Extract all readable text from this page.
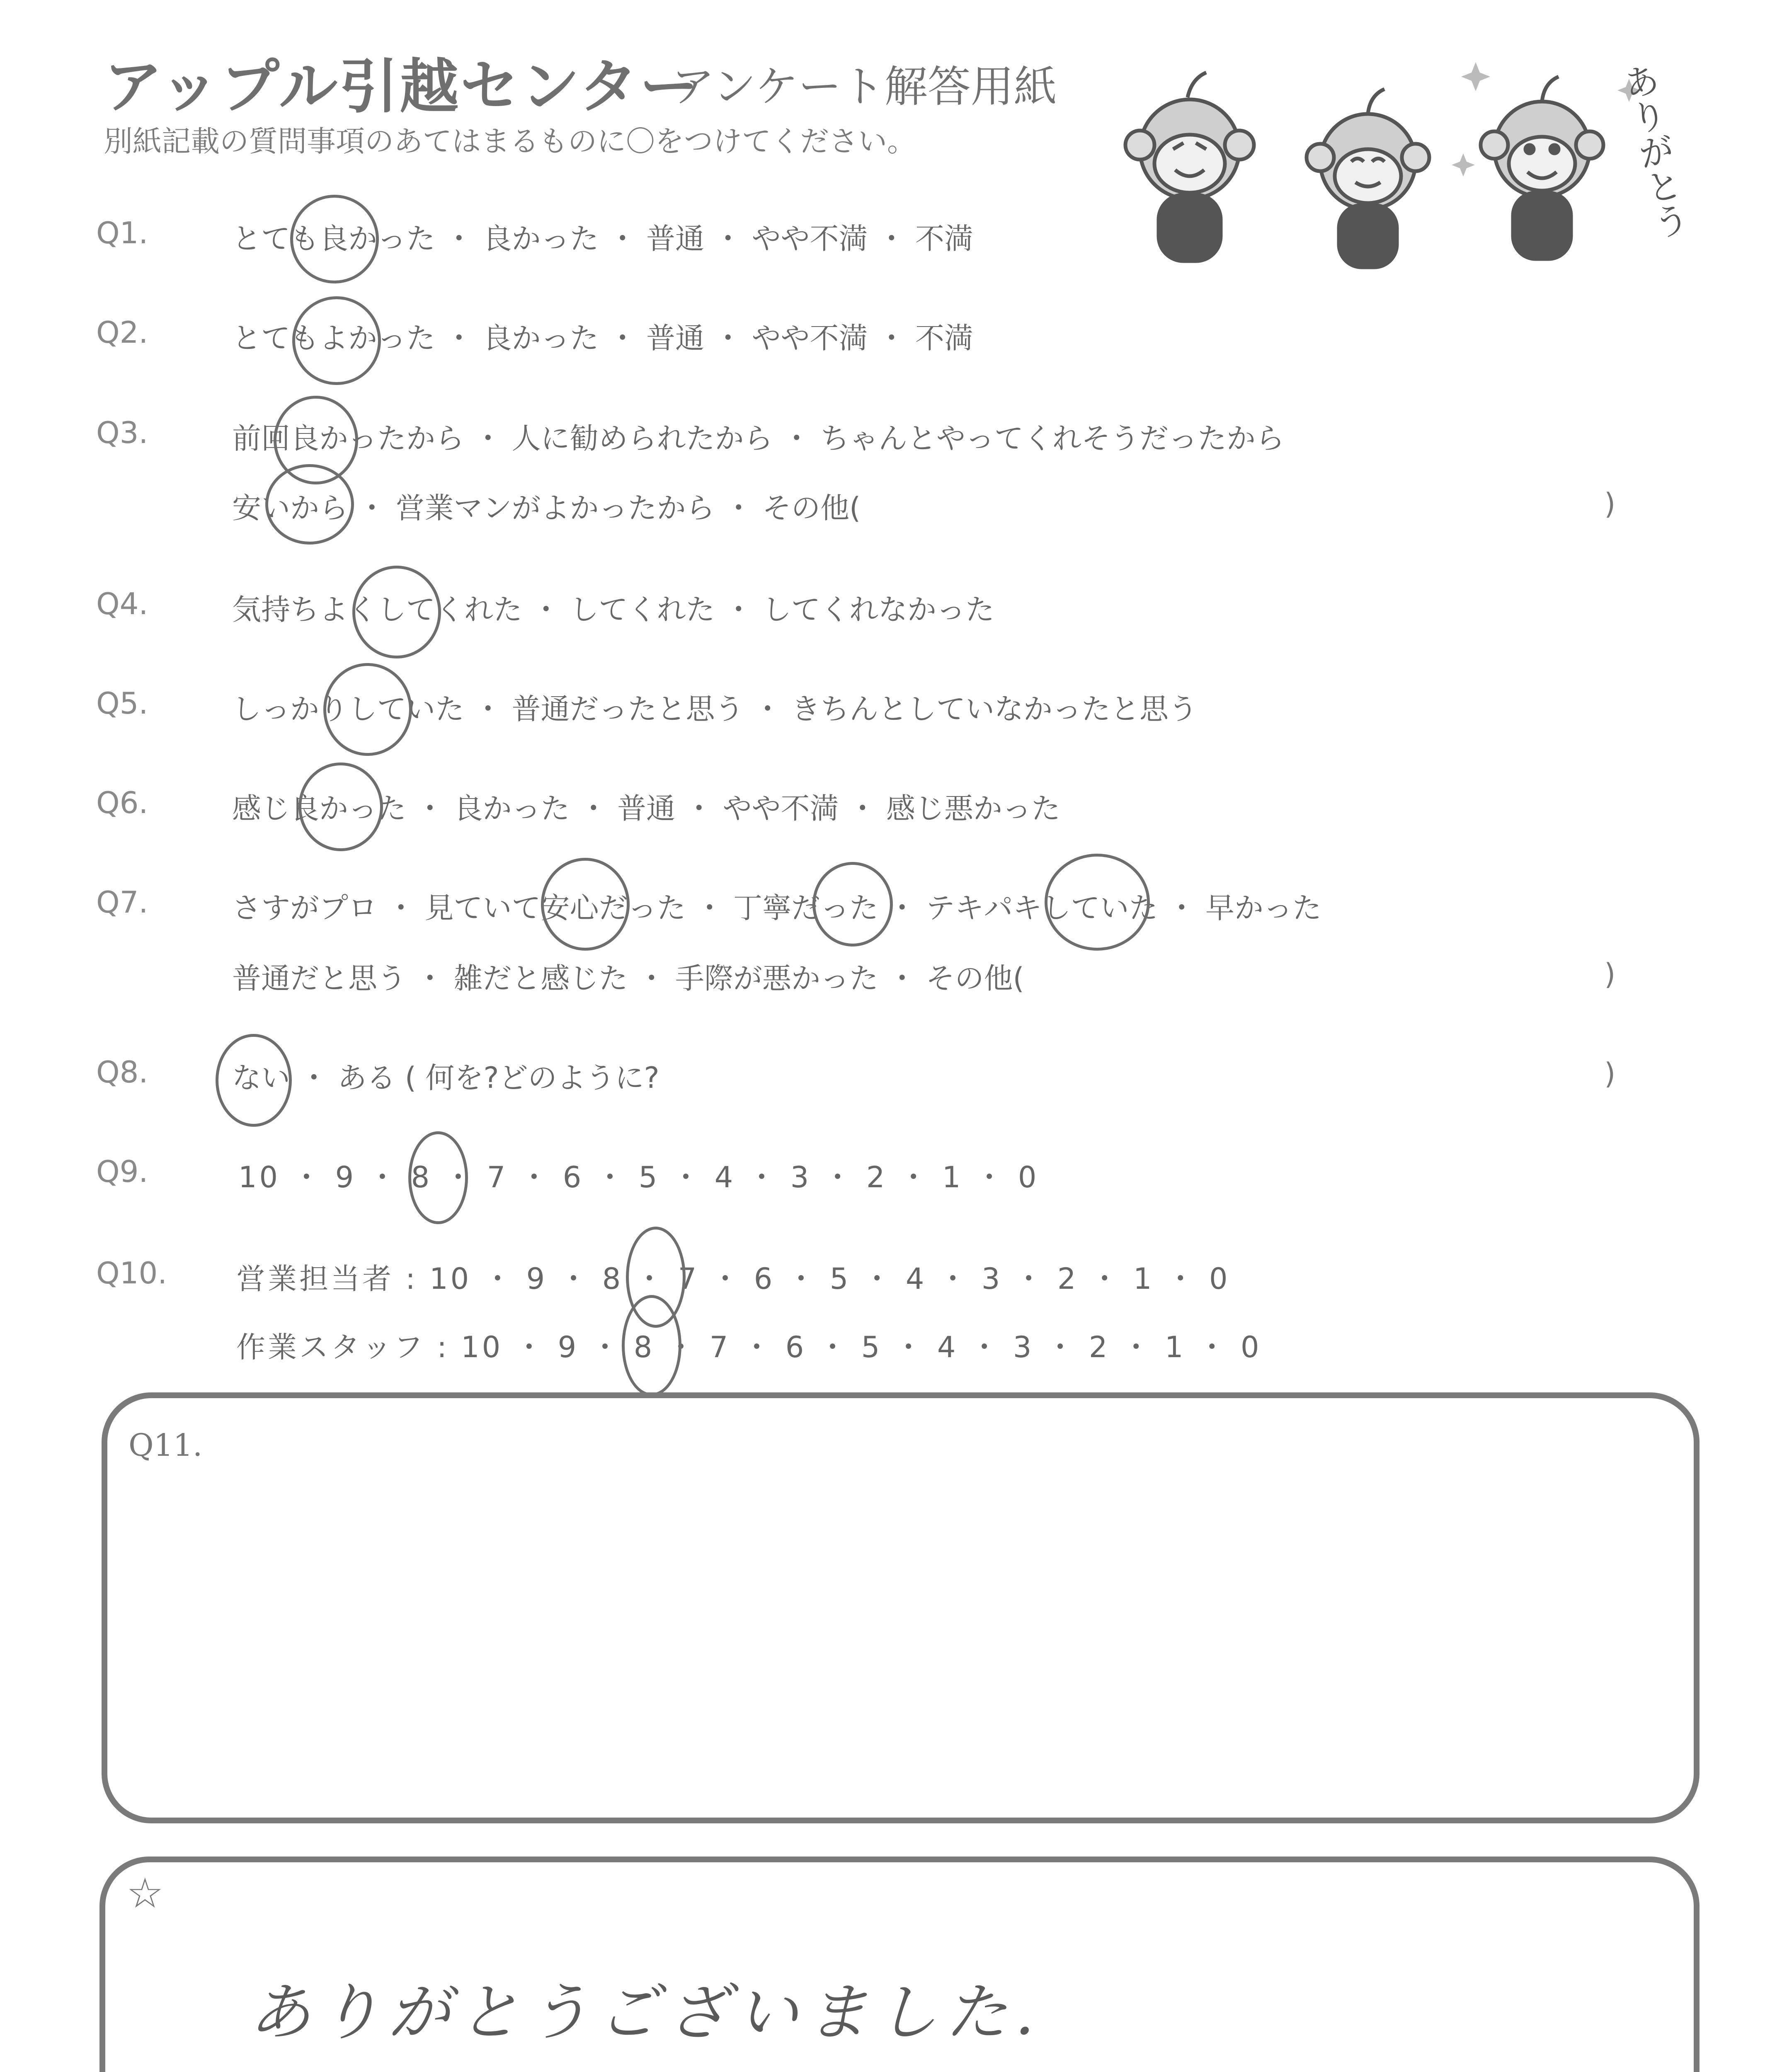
アップル引越センター
アンケート解答用紙
別紙記載の質問事項のあてはまるものに〇をつけてください。	ありがとう
Q1.	とても良かった ・ 良かった ・ 普通 ・ やや不満 ・ 不満
Q2.	とてもよかった ・ 良かった ・ 普通 ・ やや不満 ・ 不満
Q3.	前回良かったから ・ 人に勧められたから ・ ちゃんとやってくれそうだったから
安いから ・ 営業マンがよかったから ・ その他(	)
Q4.	気持ちよくしてくれた ・ してくれた ・ してくれなかった
Q5.	しっかりしていた ・ 普通だったと思う ・ きちんとしていなかったと思う
Q6.	感じ良かった ・ 良かった ・ 普通 ・ やや不満 ・ 感じ悪かった
Q7.	さすがプロ ・ 見ていて安心だった ・ 丁寧だった ・ テキパキしていた ・ 早かった
普通だと思う ・ 雑だと感じた ・ 手際が悪かった ・ その他(	)
Q8.	ない ・ ある ( 何を?どのように?	)
Q9.	10 ・ 9 ・ 8 ・ 7 ・ 6 ・ 5 ・ 4 ・ 3 ・ 2 ・ 1 ・ 0
Q10. 営業担当者 : 10 ・ 9 ・ 8 ・ 7 ・ 6 ・ 5 ・ 4 ・ 3 ・ 2 ・ 1 ・ 0
作業スタッフ : 10 ・ 9 ・ 8 ・ 7 ・ 6 ・ 5 ・ 4 ・ 3 ・ 2 ・ 1 ・ 0
Q11.
☆
ありがとうございました.
